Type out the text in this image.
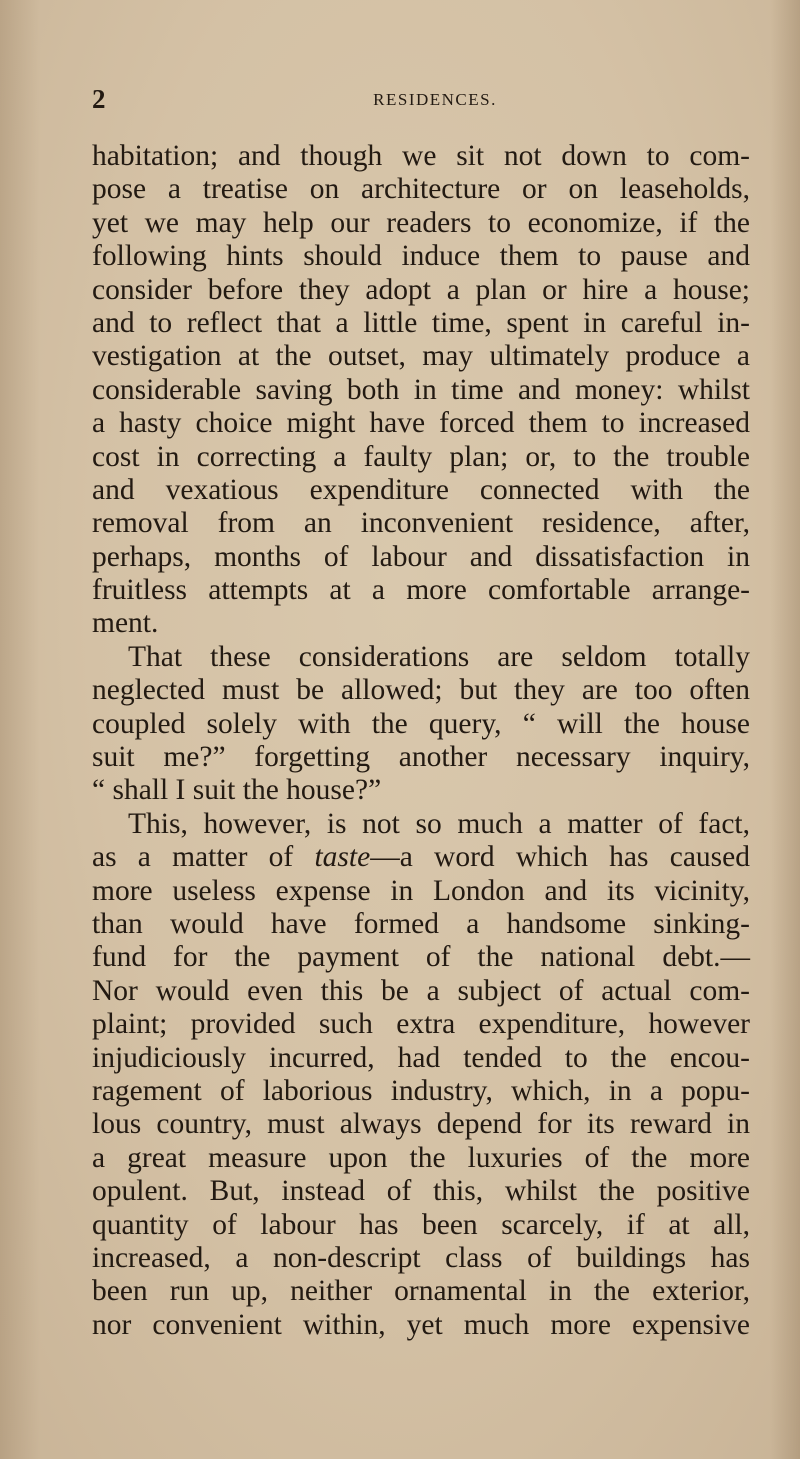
2	RESIDENCES.
habitation; and though we sit not down to com-
pose a treatise on architecture or on leaseholds,
yet we may help our readers to economize, if the
following hints should induce them to pause and
consider before they adopt a plan or hire a house;
and to reflect that a little time, spent in careful in-
vestigation at the outset, may ultimately produce a
considerable saving both in time and money: whilst
a hasty choice might have forced them to increased
cost in correcting a faulty plan; or, to the trouble
and vexatious expenditure connected with the
removal from an inconvenient residence, after,
perhaps, months of labour and dissatisfaction in
fruitless attempts at a more comfortable arrange-
ment.
That these considerations are seldom totally
neglected must be allowed; but they are too often
coupled solely with the query, “ will the house
suit me?” forgetting another necessary inquiry,
“ shall I suit the house?”
This, however, is not so much a matter of fact,
as a matter of taste—a word which has caused
more useless expense in London and its vicinity,
than would have formed a handsome sinking-
fund for the payment of the national debt.—
Nor would even this be a subject of actual com-
plaint; provided such extra expenditure, however
injudiciously incurred, had tended to the encou-
ragement of laborious industry, which, in a popu-
lous country, must always depend for its reward in
a great measure upon the luxuries of the more
opulent. But, instead of this, whilst the positive
quantity of labour has been scarcely, if at all,
increased, a non-descript class of buildings has
been run up, neither ornamental in the exterior,
nor convenient within, yet much more expensive
